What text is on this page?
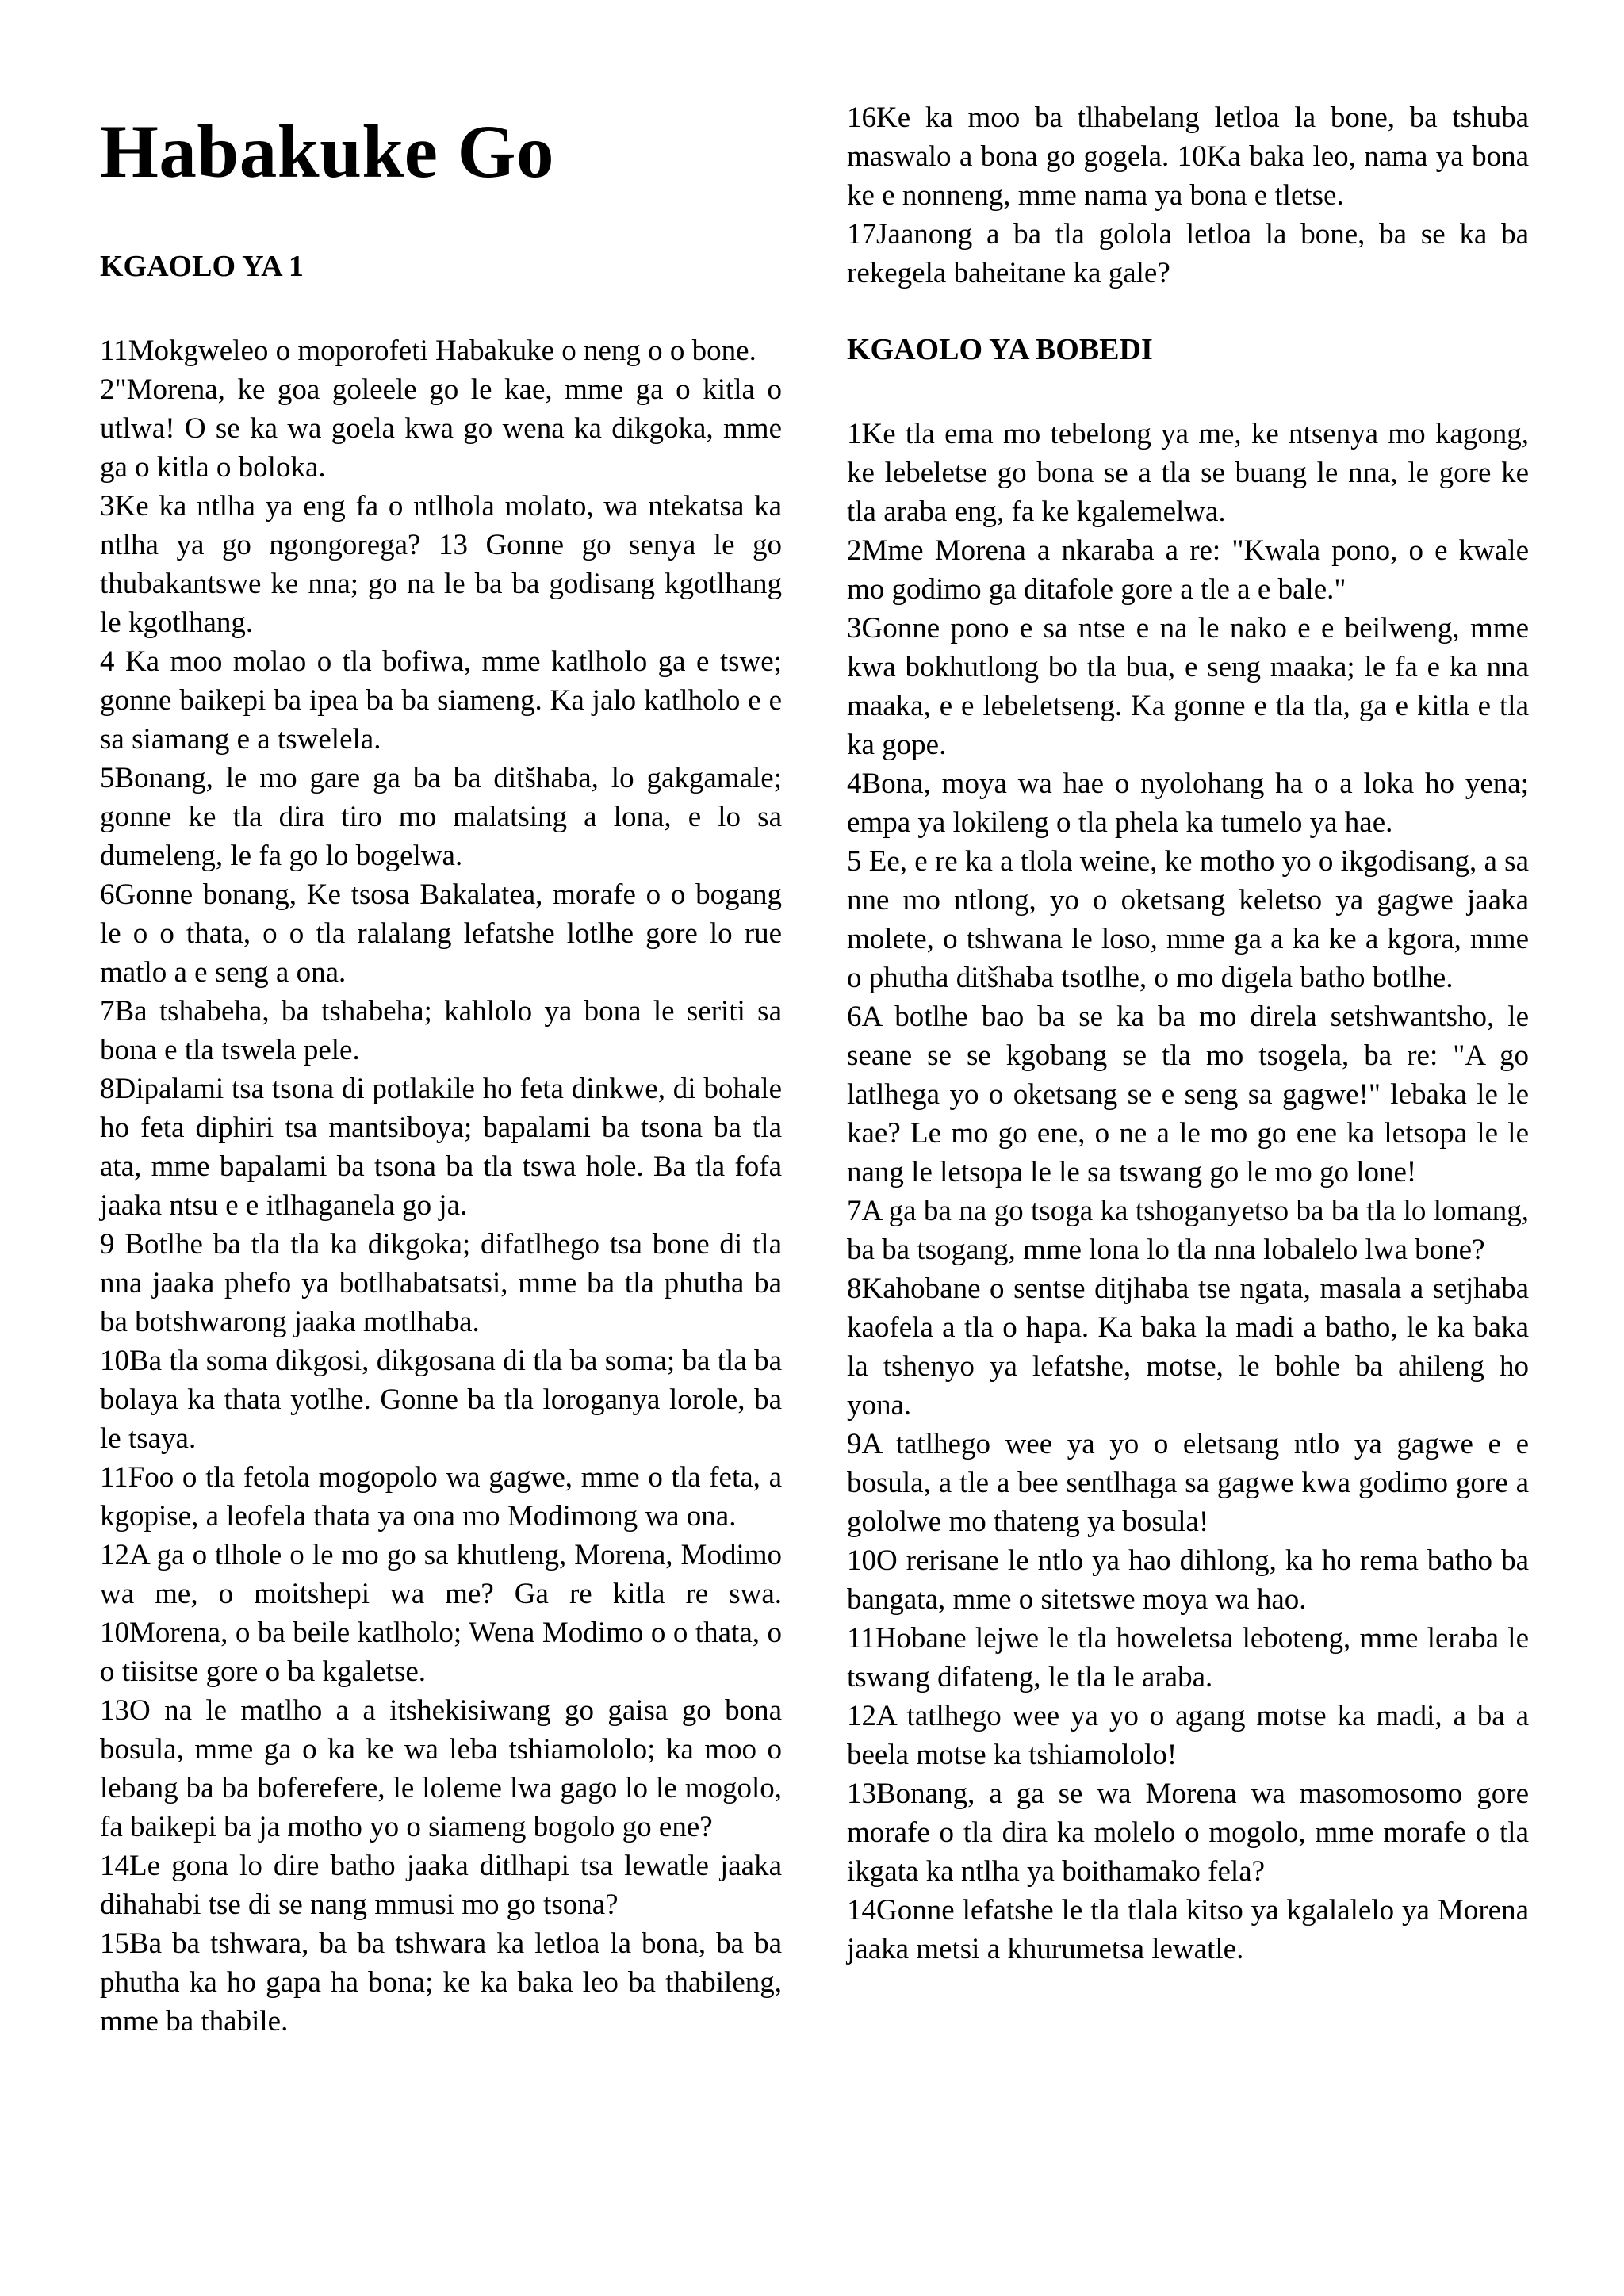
Habakuke Go
KGAOLO YA 1

11Mokgweleo o moporofeti Habakuke o neng o o bone.

2"Morena, ke goa goleele go le kae, mme ga o kitla o utlwa! O se ka wa goela kwa go wena ka dikgoka, mme ga o kitla o boloka.

3Ke ka ntlha ya eng fa o ntlhola molato, wa ntekatsa ka ntlha ya go ngongorega? 13 Gonne go senya le go thubakantswe ke nna; go na le ba ba godisang kgotlhang le kgotlhang.

4 Ka moo molao o tla bofiwa, mme katlholo ga e tswe; gonne baikepi ba ipea ba ba siameng. Ka jalo katlholo e e sa siamang e a tswelela.

5Bonang, le mo gare ga ba ba ditšhaba, lo gakgamale; gonne ke tla dira tiro mo malatsing a lona, e lo sa dumeleng, le fa go lo bogelwa.

6Gonne bonang, Ke tsosa Bakalatea, morafe o o bogang le o o thata, o o tla ralalang lefatshe lotlhe gore lo rue matlo a e seng a ona.

7Ba tshabeha, ba tshabeha; kahlolo ya bona le seriti sa bona e tla tswela pele.

8Dipalami tsa tsona di potlakile ho feta dinkwe, di bohale ho feta diphiri tsa mantsiboya; bapalami ba tsona ba tla ata, mme bapalami ba tsona ba tla tswa hole. Ba tla fofa jaaka ntsu e e itlhaganela go ja.

9 Botlhe ba tla tla ka dikgoka; difatlhego tsa bone di tla nna jaaka phefo ya botlhabatsatsi, mme ba tla phutha ba ba botshwarong jaaka motlhaba.

10Ba tla soma dikgosi, dikgosana di tla ba soma; ba tla ba bolaya ka thata yotlhe. Gonne ba tla loroganya lorole, ba le tsaya.

11Foo o tla fetola mogopolo wa gagwe, mme o tla feta, a kgopise, a leofela thata ya ona mo Modimong wa ona.

12A ga o tlhole o le mo go sa khutleng, Morena, Modimo wa me, o moitshepi wa me? Ga re kitla re swa. 10Morena, o ba beile katlholo; Wena Modimo o o thata, o o tiisitse gore o ba kgaletse.

13O na le matlho a a itshekisiwang go gaisa go bona bosula, mme ga o ka ke wa leba tshiamololo; ka moo o lebang ba ba boferefere, le loleme lwa gago lo le mogolo, fa baikepi ba ja motho yo o siameng bogolo go ene?

14Le gona lo dire batho jaaka ditlhapi tsa lewatle jaaka dihahabi tse di se nang mmusi mo go tsona?

15Ba ba tshwara, ba ba tshwara ka letloa la bona, ba ba phutha ka ho gapa ha bona; ke ka baka leo ba thabileng, mme ba thabile.

16Ke ka moo ba tlhabelang letloa la bone, ba tshuba maswalo a bona go gogela. 10Ka baka leo, nama ya bona ke e nonneng, mme nama ya bona e tletse.

17Jaanong a ba tla golola letloa la bone, ba se ka ba rekegela baheitane ka gale?

KGAOLO YA BOBEDI

1Ke tla ema mo tebelong ya me, ke ntsenya mo kagong, ke lebeletse go bona se a tla se buang le nna, le gore ke tla araba eng, fa ke kgalemelwa.

2Mme Morena a nkaraba a re: "Kwala pono, o e kwale mo godimo ga ditafole gore a tle a e bale."

3Gonne pono e sa ntse e na le nako e e beilweng, mme kwa bokhutlong bo tla bua, e seng maaka; le fa e ka nna maaka, e e lebeletseng. Ka gonne e tla tla, ga e kitla e tla ka gope.

4Bona, moya wa hae o nyolohang ha o a loka ho yena; empa ya lokileng o tla phela ka tumelo ya hae.

5 Ee, e re ka a tlola weine, ke motho yo o ikgodisang, a sa nne mo ntlong, yo o oketsang keletso ya gagwe jaaka molete, o tshwana le loso, mme ga a ka ke a kgora, mme o phutha ditšhaba tsotlhe, o mo digela batho botlhe.

6A botlhe bao ba se ka ba mo direla setshwantsho, le seane se se kgobang se tla mo tsogela, ba re: "A go latlhega yo o oketsang se e seng sa gagwe!" lebaka le le kae? Le mo go ene, o ne a le mo go ene ka letsopa le le nang le letsopa le le sa tswang go le mo go lone!

7A ga ba na go tsoga ka tshoganyetso ba ba tla lo lomang, ba ba tsogang, mme lona lo tla nna lobalelo lwa bone?

8Kahobane o sentse ditjhaba tse ngata, masala a setjhaba kaofela a tla o hapa. Ka baka la madi a batho, le ka baka la tshenyo ya lefatshe, motse, le bohle ba ahileng ho yona.

9A tatlhego wee ya yo o eletsang ntlo ya gagwe e e bosula, a tle a bee sentlhaga sa gagwe kwa godimo gore a gololwe mo thateng ya bosula!

10O rerisane le ntlo ya hao dihlong, ka ho rema batho ba bangata, mme o sitetswe moya wa hao.

11Hobane lejwe le tla howeletsa leboteng, mme leraba le tswang difateng, le tla le araba.

12A tatlhego wee ya yo o agang motse ka madi, a ba a beela motse ka tshiamololo!

13Bonang, a ga se wa Morena wa masomosomo gore morafe o tla dira ka molelo o mogolo, mme morafe o tla ikgata ka ntlha ya boithamako fela?

14Gonne lefatshe le tla tlala kitso ya kgalalelo ya Morena jaaka metsi a khurumetsa lewatle.
